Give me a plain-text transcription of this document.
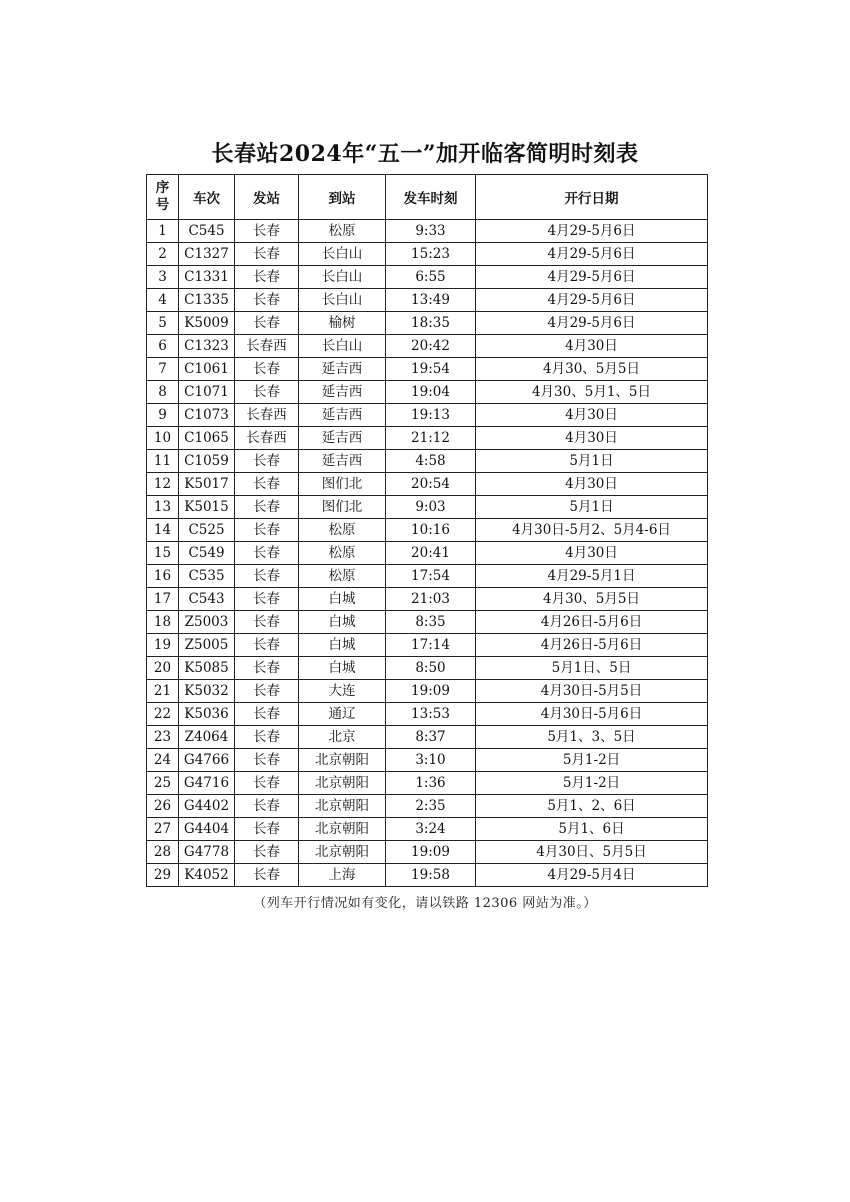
长春站2024年“五一”加开临客简明时刻表
序
号	车次	发站	到站	发车时刻	开行日期
1	C545	长春	松原	9:33	4月29-5月6日
2	C1327	长春	长白山	15:23	4月29-5月6日
3	C1331	长春	长白山	6:55	4月29-5月6日
4	C1335	长春	长白山	13:49	4月29-5月6日
5	K5009	长春	榆树	18:35	4月29-5月6日
6	C1323	长春西	长白山	20:42	4月30日
7	C1061	长春	延吉西	19:54	4月30、5月5日
8	C1071	长春	延吉西	19:04	4月30、5月1、5日
9	C1073	长春西	延吉西	19:13	4月30日
10	C1065	长春西	延吉西	21:12	4月30日
11	C1059	长春	延吉西	4:58	5月1日
12	K5017	长春	图们北	20:54	4月30日
13	K5015	长春	图们北	9:03	5月1日
14	C525	长春	松原	10:16	4月30日-5月2、5月4-6日
15	C549	长春	松原	20:41	4月30日
16	C535	长春	松原	17:54	4月29-5月1日
17	C543	长春	白城	21:03	4月30、5月5日
18	Z5003	长春	白城	8:35	4月26日-5月6日
19	Z5005	长春	白城	17:14	4月26日-5月6日
20	K5085	长春	白城	8:50	5月1日、5日
21	K5032	长春	大连	19:09	4月30日-5月5日
22	K5036	长春	通辽	13:53	4月30日-5月6日
23	Z4064	长春	北京	8:37	5月1、3、5日
24	G4766	长春	北京朝阳	3:10	5月1-2日
25	G4716	长春	北京朝阳	1:36	5月1-2日
26	G4402	长春	北京朝阳	2:35	5月1、2、6日
27	G4404	长春	北京朝阳	3:24	5月1、6日
28	G4778	长春	北京朝阳	19:09	4月30日、5月5日
29	K4052	长春	上海	19:58	4月29-5月4日
（列车开行情况如有变化，请以铁路 12306 网站为准。）
